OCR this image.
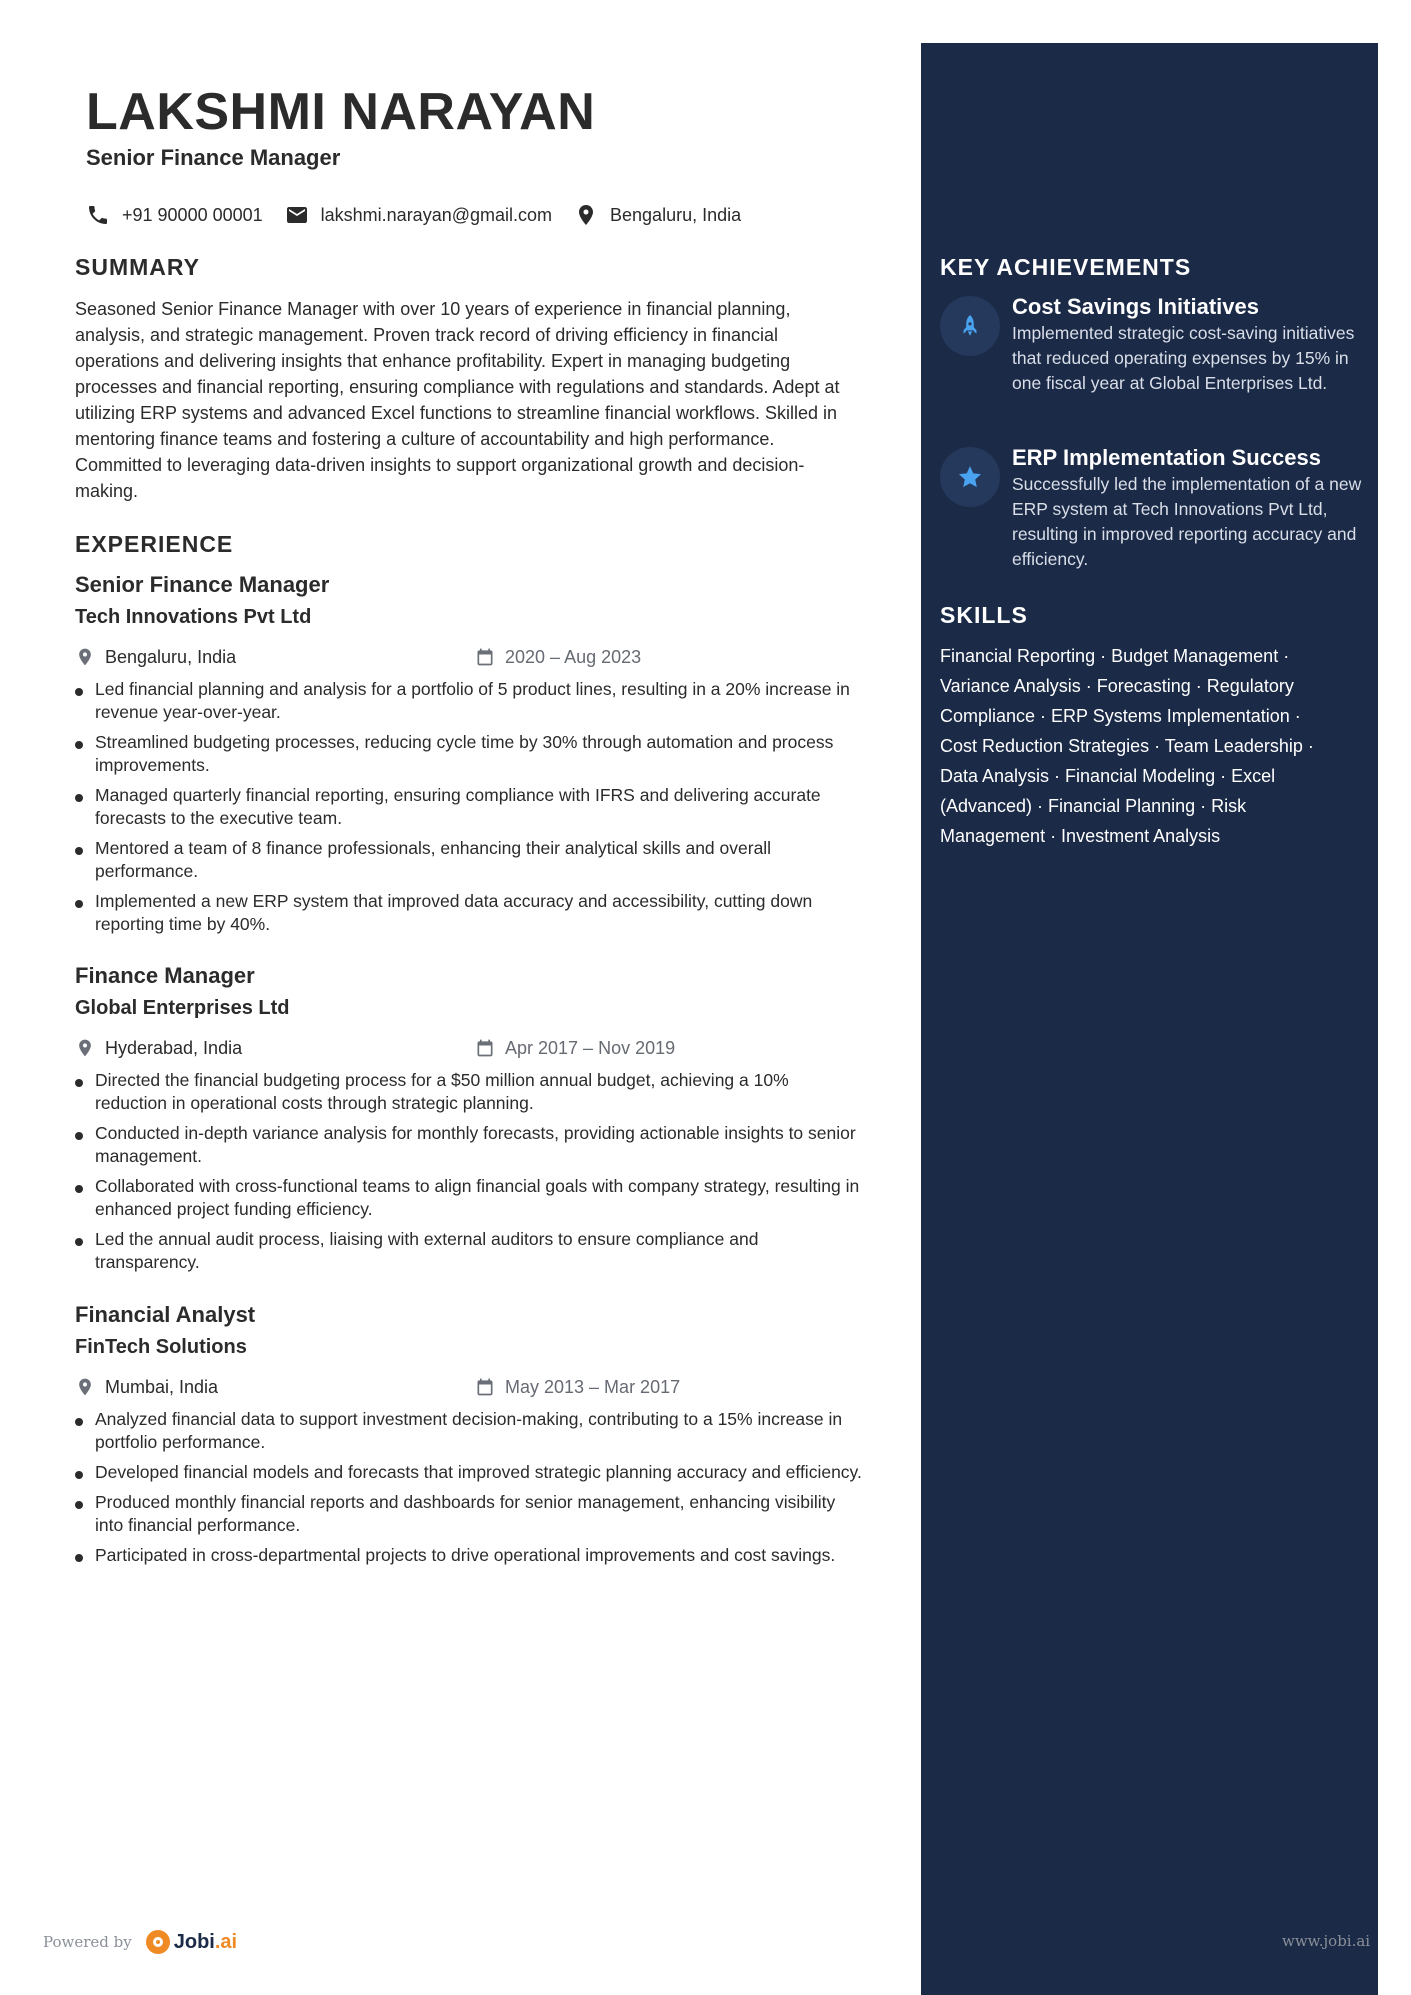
LAKSHMI NARAYAN

Senior Finance Manager

+91 90000 00001	lakshmi.narayan@gmail.com	Bengaluru, India
SUMMARY

Seasoned Senior Finance Manager with over 10 years of experience in financial planning, analysis, and strategic management. Proven track record of driving efficiency in financial operations and delivering insights that enhance profitability. Expert in managing budgeting processes and financial reporting, ensuring compliance with regulations and standards. Adept at utilizing ERP systems and advanced Excel functions to streamline financial workflows. Skilled in mentoring finance teams and fostering a culture of accountability and high performance. Committed to leveraging data-driven insights to support organizational growth and decision-making.

EXPERIENCE

Senior Finance Manager

Tech Innovations Pvt Ltd

Bengaluru, India	2020 – Aug 2023
Led financial planning and analysis for a portfolio of 5 product lines, resulting in a 20% increase in revenue year-over-year.
Streamlined budgeting processes, reducing cycle time by 30% through automation and process improvements.
Managed quarterly financial reporting, ensuring compliance with IFRS and delivering accurate forecasts to the executive team.
Mentored a team of 8 finance professionals, enhancing their analytical skills and overall performance.
Implemented a new ERP system that improved data accuracy and accessibility, cutting down reporting time by 40%.

Finance Manager

Global Enterprises Ltd

Hyderabad, India	Apr 2017 – Nov 2019
Directed the financial budgeting process for a $50 million annual budget, achieving a 10% reduction in operational costs through strategic planning.
Conducted in-depth variance analysis for monthly forecasts, providing actionable insights to senior management.
Collaborated with cross-functional teams to align financial goals with company strategy, resulting in enhanced project funding efficiency.
Led the annual audit process, liaising with external auditors to ensure compliance and transparency.

Financial Analyst

FinTech Solutions

Mumbai, India	May 2013 – Mar 2017
Analyzed financial data to support investment decision-making, contributing to a 15% increase in portfolio performance.
Developed financial models and forecasts that improved strategic planning accuracy and efficiency.
Produced monthly financial reports and dashboards for senior management, enhancing visibility into financial performance.
Participated in cross-departmental projects to drive operational improvements and cost savings.
KEY ACHIEVEMENTS

Cost Savings Initiatives

Implemented strategic cost-saving initiatives that reduced operating expenses by 15% in one fiscal year at Global Enterprises Ltd.

ERP Implementation Success

Successfully led the implementation of a new ERP system at Tech Innovations Pvt Ltd, resulting in improved reporting accuracy and efficiency.

SKILLS

Financial Reporting · Budget Management · Variance Analysis · Forecasting · Regulatory Compliance · ERP Systems Implementation · Cost Reduction Strategies · Team Leadership · Data Analysis · Financial Modeling · Excel (Advanced) · Financial Planning · Risk Management · Investment Analysis

Powered by Jobi.ai	www.jobi.ai
